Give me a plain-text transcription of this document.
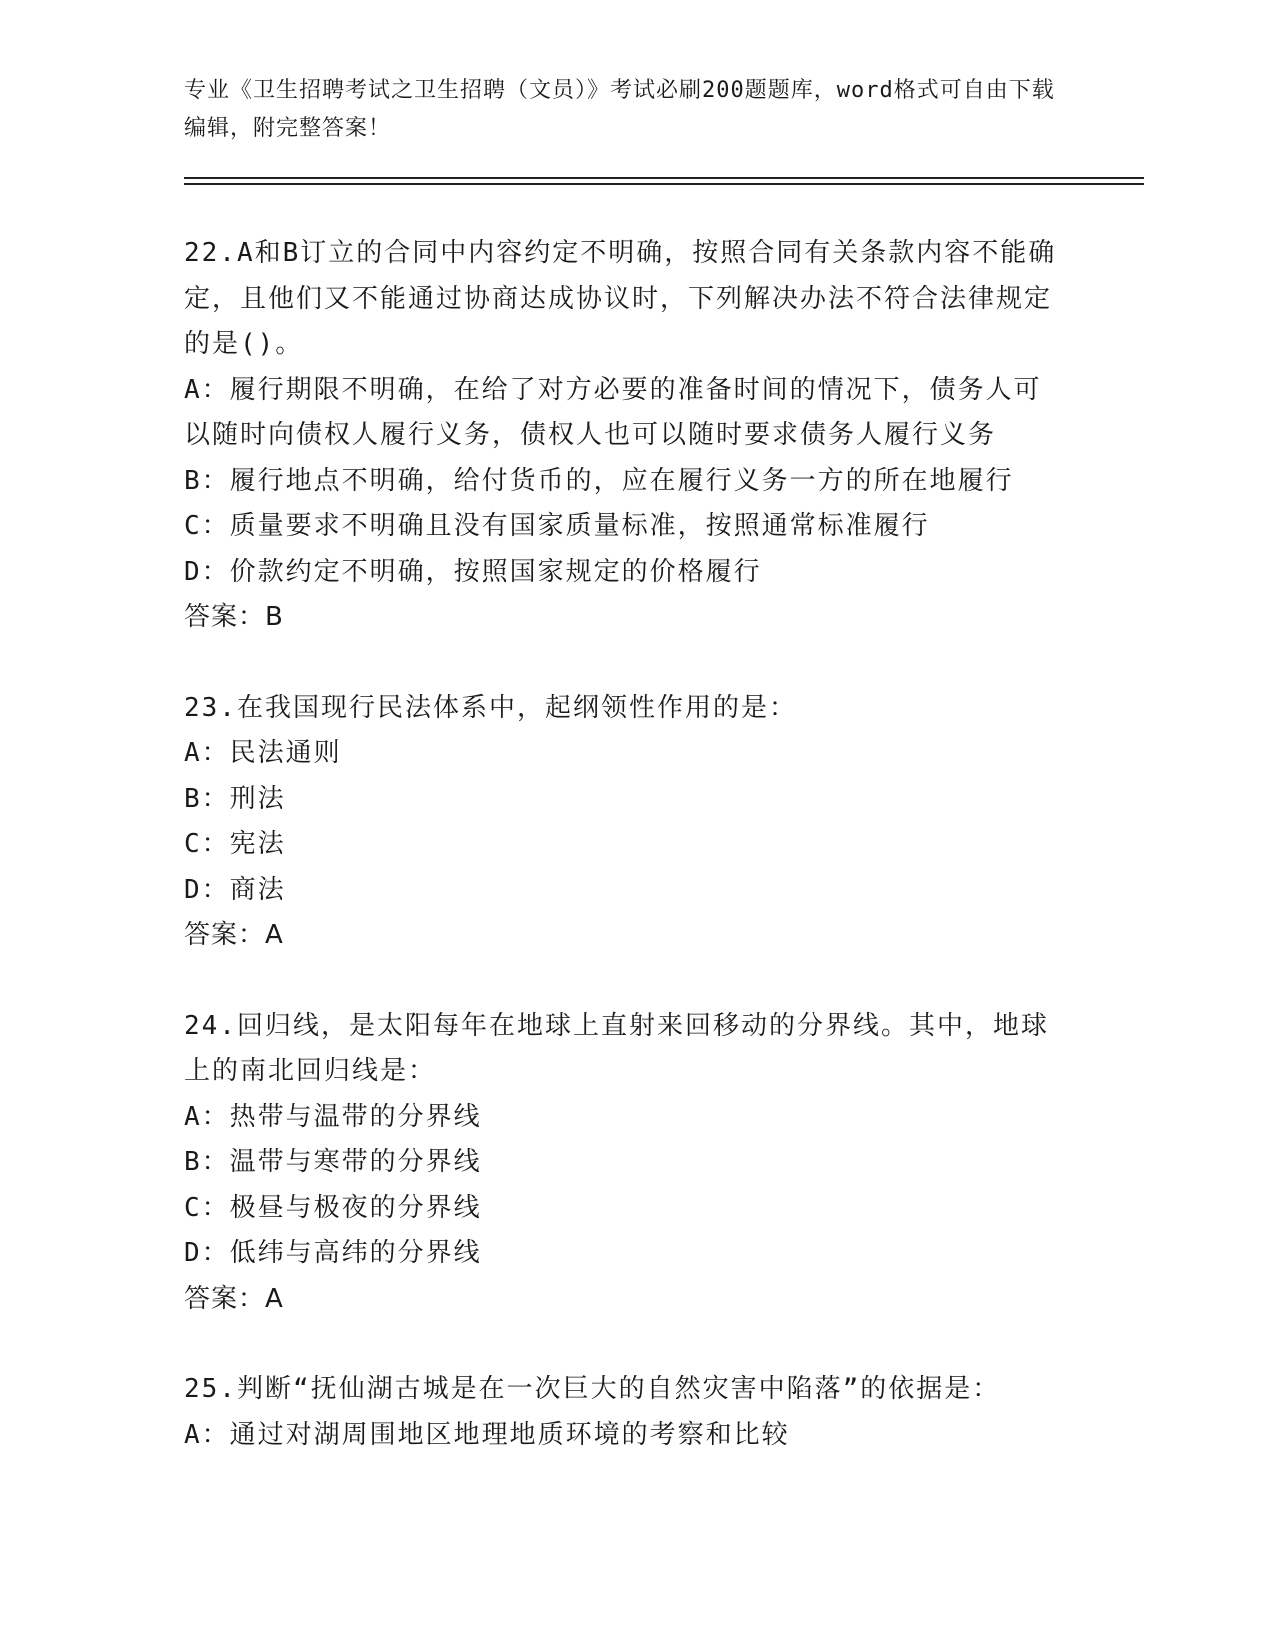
专业《卫生招聘考试之卫生招聘（文员）》考试必刷200题题库，word格式可自由下载编辑，附完整答案！

22.A和B订立的合同中内容约定不明确，按照合同有关条款内容不能确定，且他们又不能通过协商达成协议时，下列解决办法不符合法律规定的是()。

A：履行期限不明确，在给了对方必要的准备时间的情况下，债务人可以随时向债权人履行义务，债权人也可以随时要求债务人履行义务

B：履行地点不明确，给付货币的，应在履行义务一方的所在地履行

C：质量要求不明确且没有国家质量标准，按照通常标准履行

D：价款约定不明确，按照国家规定的价格履行

答案：B

23.在我国现行民法体系中，起纲领性作用的是：

A：民法通则

B：刑法

C：宪法

D：商法

答案：A

24.回归线，是太阳每年在地球上直射来回移动的分界线。其中，地球上的南北回归线是：

A：热带与温带的分界线

B：温带与寒带的分界线

C：极昼与极夜的分界线

D：低纬与高纬的分界线

答案：A

25.判断“抚仙湖古城是在一次巨大的自然灾害中陷落”的依据是：

A：通过对湖周围地区地理地质环境的考察和比较
